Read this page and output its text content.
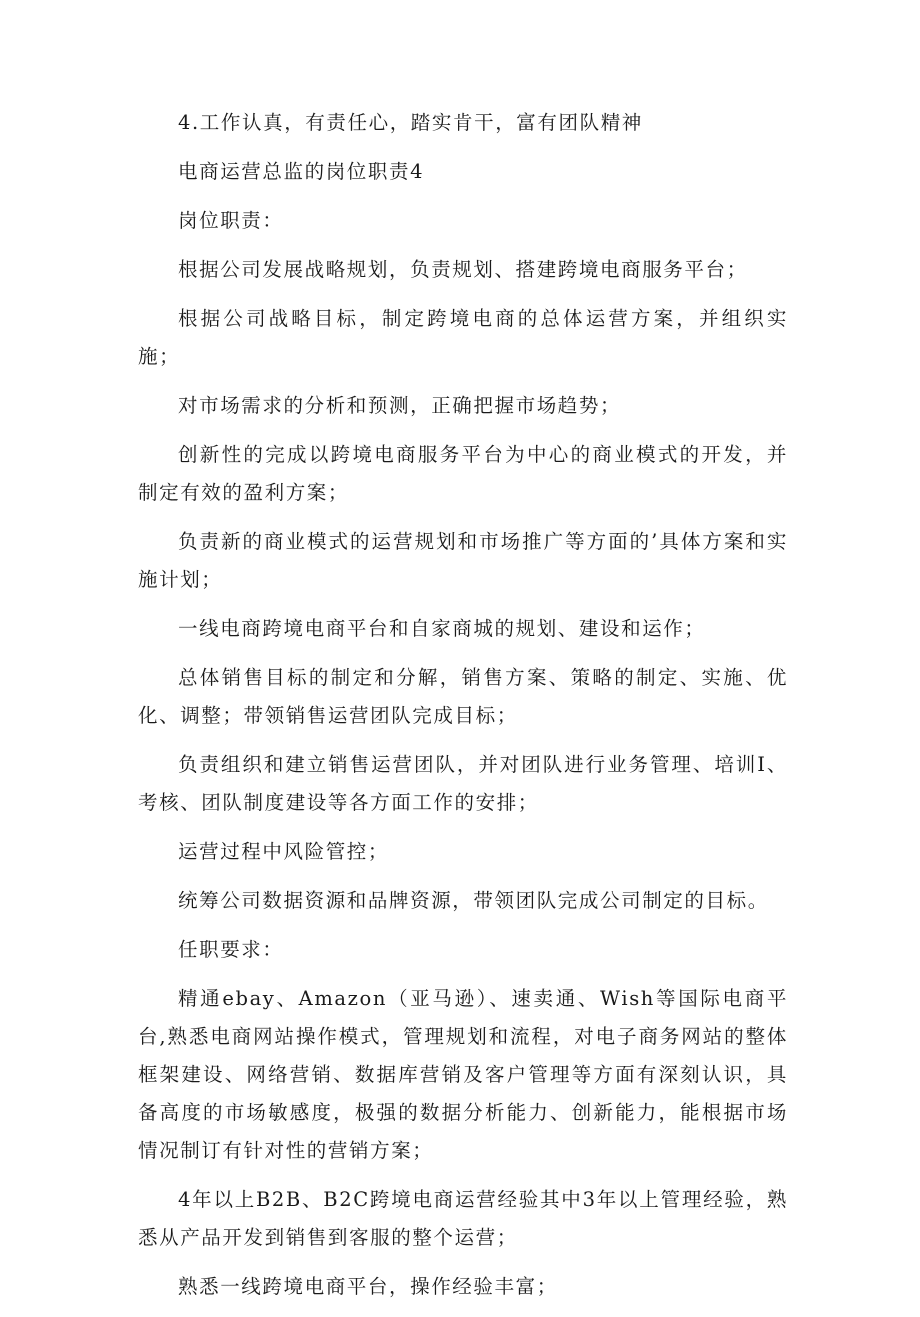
4.工作认真，有责任心，踏实肯干，富有团队精神

电商运营总监的岗位职责4

岗位职责：

根据公司发展战略规划，负责规划、搭建跨境电商服务平台；

根据公司战略目标，制定跨境电商的总体运营方案，并组织实施；

对市场需求的分析和预测，正确把握市场趋势；

创新性的完成以跨境电商服务平台为中心的商业模式的开发，并制定有效的盈利方案；

负责新的商业模式的运营规划和市场推广等方面的’具体方案和实施计划；

一线电商跨境电商平台和自家商城的规划、建设和运作；

总体销售目标的制定和分解，销售方案、策略的制定、实施、优化、调整；带领销售运营团队完成目标；

负责组织和建立销售运营团队，并对团队进行业务管理、培训I、考核、团队制度建设等各方面工作的安排；

运营过程中风险管控；

统筹公司数据资源和品牌资源，带领团队完成公司制定的目标。

任职要求：

精通ebay、Amazon（亚马逊）、速卖通、Wish等国际电商平台,熟悉电商网站操作模式，管理规划和流程，对电子商务网站的整体框架建设、网络营销、数据库营销及客户管理等方面有深刻认识，具备高度的市场敏感度，极强的数据分析能力、创新能力，能根据市场情况制订有针对性的营销方案；

4年以上B2B、B2C跨境电商运营经验其中3年以上管理经验，熟悉从产品开发到销售到客服的整个运营；

熟悉一线跨境电商平台，操作经验丰富；
